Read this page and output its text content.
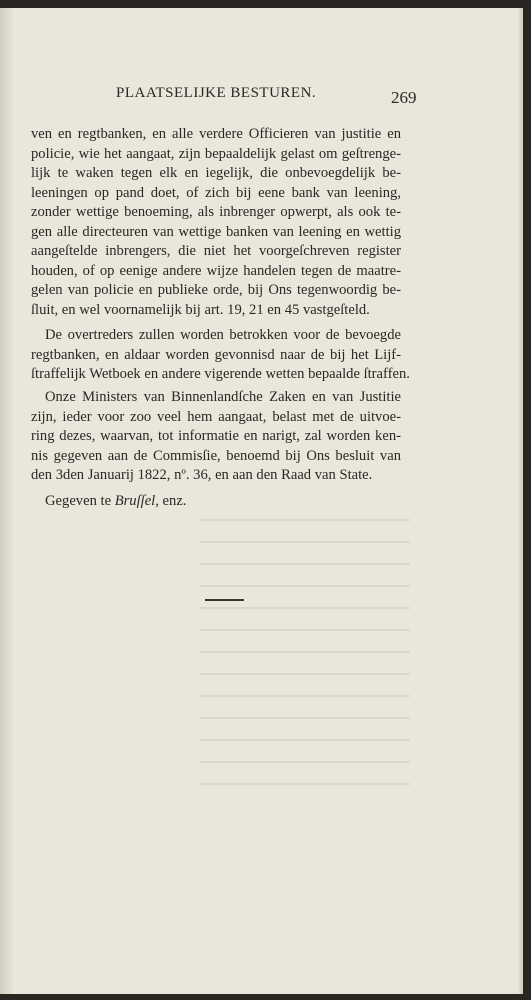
PLAATSELIJKE BESTUREN.	269
ven en regtbanken, en alle verdere Officieren van justitie en
policie, wie het aangaat, zijn bepaaldelijk gelast om geſtrenge-
lijk te waken tegen elk en iegelijk, die onbevoegdelijk be-
leeningen op pand doet, of zich bij eene bank van leening,
zonder wettige benoeming, als inbrenger opwerpt, als ook te-
gen alle directeuren van wettige banken van leening en wettig
aangeſtelde inbrengers, die niet het voorgeſchreven register
houden, of op eenige andere wijze handelen tegen de maatre-
gelen van policie en publieke orde, bij Ons tegenwoordig be-
ſluit, en wel voornamelijk bij art. 19, 21 en 45 vastgeſteld.
De overtreders zullen worden betrokken voor de bevoegde
regtbanken, en aldaar worden gevonnisd naar de bij het Lijf-
ſtraffelijk Wetboek en andere vigerende wetten bepaalde ſtraffen.
Onze Ministers van Binnenlandſche Zaken en van Justitie
zijn, ieder voor zoo veel hem aangaat, belast met de uitvoe-
ring dezes, waarvan, tot informatie en narigt, zal worden ken-
nis gegeven aan de Commisſie, benoemd bij Ons besluit van
den 3den Januarij 1822, nº. 36, en aan den Raad van State.
Gegeven te Bruſſel, enz.
